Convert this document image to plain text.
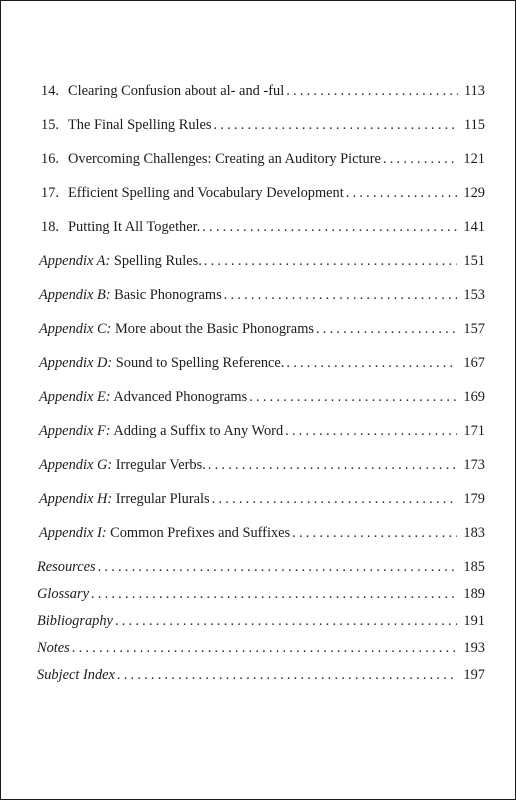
14. Clearing Confusion about al- and -ful .....	113
15. The Final Spelling Rules .....	115
16. Overcoming Challenges: Creating an Auditory Picture .....	121
17. Efficient Spelling and Vocabulary Development .....	129
18. Putting It All Together. .....	141
Appendix A: Spelling Rules. .....	151
Appendix B: Basic Phonograms .....	153
Appendix C: More about the Basic Phonograms .....	157
Appendix D: Sound to Spelling Reference. .....	167
Appendix E: Advanced Phonograms .....	169
Appendix F: Adding a Suffix to Any Word .....	171
Appendix G: Irregular Verbs. .....	173
Appendix H: Irregular Plurals .....	179
Appendix I: Common Prefixes and Suffixes .....	183
Resources .....	185
Glossary .....	189
Bibliography .....	191
Notes .....	193
Subject Index .....	197
